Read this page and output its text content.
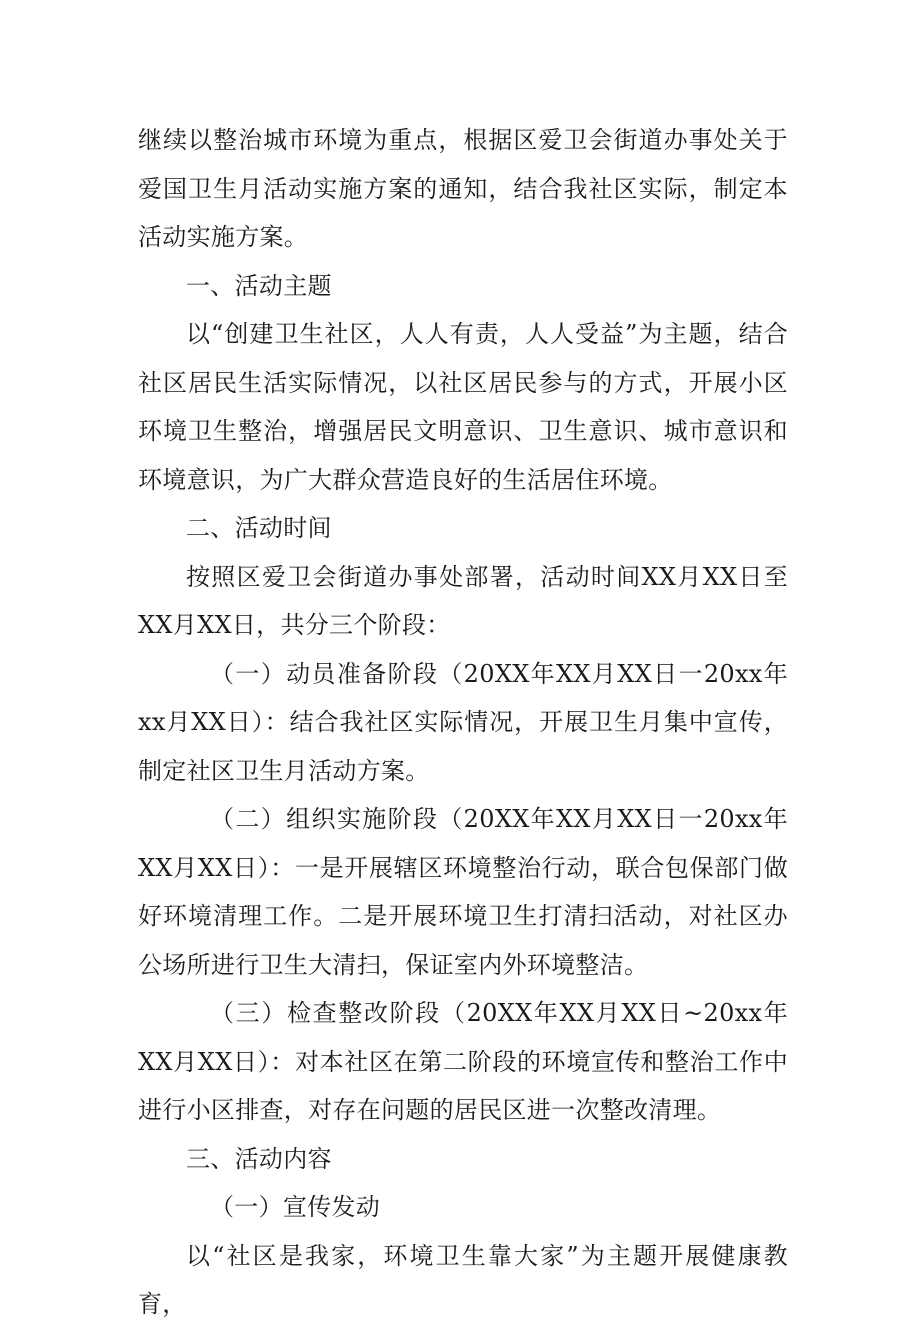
继续以整治城市环境为重点，根据区爱卫会街道办事处关于爱国卫生月活动实施方案的通知，结合我社区实际，制定本活动实施方案。

一、活动主题

以“创建卫生社区，人人有责，人人受益”为主题，结合社区居民生活实际情况，以社区居民参与的方式，开展小区环境卫生整治，增强居民文明意识、卫生意识、城市意识和环境意识，为广大群众营造良好的生活居住环境。

二、活动时间

按照区爱卫会街道办事处部署，活动时间XX月XX日至XX月XX日，共分三个阶段：

（一）动员准备阶段（20XX年XX月XX日一20xx年xx月XX日）：结合我社区实际情况，开展卫生月集中宣传，制定社区卫生月活动方案。

（二）组织实施阶段（20XX年XX月XX日一20xx年XX月XX日）：一是开展辖区环境整治行动，联合包保部门做好环境清理工作。二是开展环境卫生打清扫活动，对社区办公场所进行卫生大清扫，保证室内外环境整洁。

（三）检查整改阶段（20XX年XX月XX日~20xx年XX月XX日）：对本社区在第二阶段的环境宣传和整治工作中进行小区排查，对存在问题的居民区进一次整改清理。

三、活动内容

（一）宣传发动

以“社区是我家，环境卫生靠大家”为主题开展健康教育，
